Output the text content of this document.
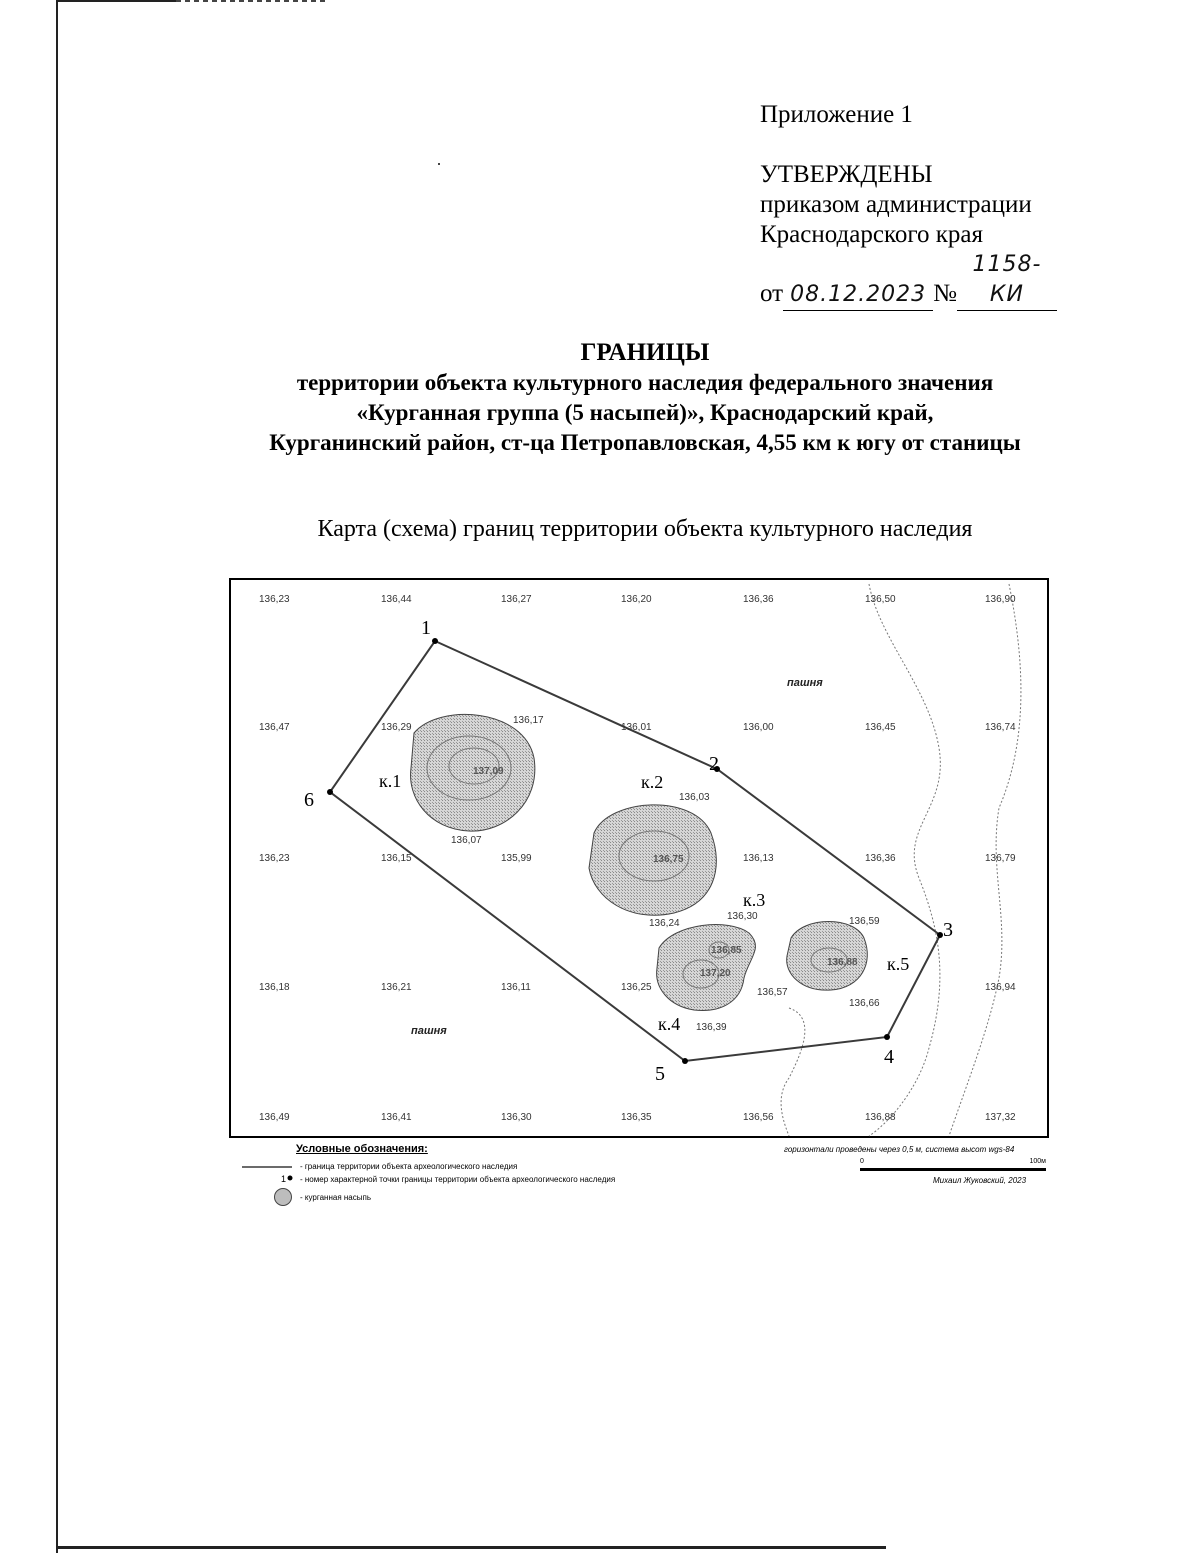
Приложение 1
УТВЕРЖДЕНЫ
приказом администрации
Краснодарского края
от 08.12.2023 №1158-КИ
ГРАНИЦЫ
территории объекта культурного наследия федерального значения
«Курганная группа (5 насыпей)», Краснодарский край,
Курганинский район, ст-ца Петропавловская, 4,55 км к югу от станицы
Карта (схема) границ территории объекта культурного наследия
136,23	136,44	136,27	136,20	136,36	136,50	136,90
136,47	136,29	136,01	136,00	136,45	136,74
136,23	136,15	135,99	136,13	136,36	136,79
136,18	136,21	136,11	136,25	136,57	136,94
136,49	136,41	136,30	136,35	136,56	136,88	137,32
136,17
136,07
136,03
136,24
136,30
136,39
136,59
136,66
137,09
136,75
136,85
137,20
136,88
к.1	к.2
к.3
к.4
к.5
1
2
3
4
5
6
пашня
пашня
Условные обозначения:
- граница территории объекта археологического наследия
1 - номер характерной точки границы территории объекта археологического наследия
- курганная насыпь
горизонтали проведены через 0,5 м, система высот wgs-84
0	100м
Михаил Жуковский, 2023
